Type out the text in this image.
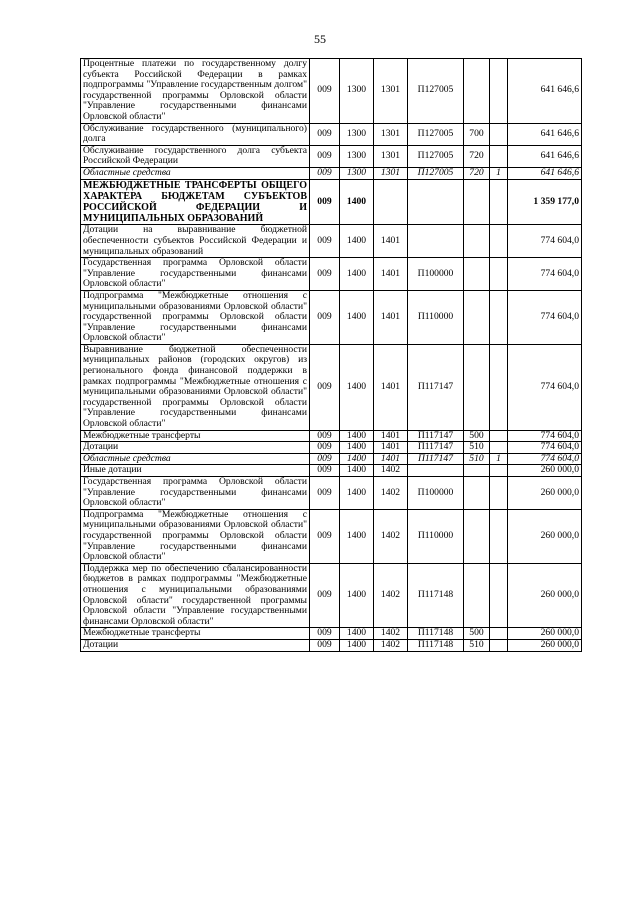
55
Процентные платежи по государственному долгу субъекта Российской Федерации в рамках подпрограммы "Управление государственным долгом" государственной программы Орловской области "Управление государственными финансами Орловской области"	009	1300	1301	П127005			641 646,6
Обслуживание государственного (муниципального) долга	009	1300	1301	П127005	700		641 646,6
Обслуживание государственного долга субъекта Российской Федерации	009	1300	1301	П127005	720		641 646,6
Областные средства	009	1300	1301	П127005	720	1	641 646,6
МЕЖБЮДЖЕТНЫЕ ТРАНСФЕРТЫ ОБЩЕГО ХАРАКТЕРА БЮДЖЕТАМ СУБЪЕКТОВ РОССИЙСКОЙ ФЕДЕРАЦИИ И МУНИЦИПАЛЬНЫХ ОБРАЗОВАНИЙ	009	1400					1 359 177,0
Дотации на выравнивание бюджетной обеспеченности субъектов Российской Федерации и муниципальных образований	009	1400	1401				774 604,0
Государственная программа Орловской области "Управление государственными финансами Орловской области"	009	1400	1401	П100000			774 604,0
Подпрограмма "Межбюджетные отношения с муниципальными образованиями Орловской области" государственной программы Орловской области "Управление государственными финансами Орловской области"	009	1400	1401	П110000			774 604,0
Выравнивание бюджетной обеспеченности муниципальных районов (городских округов) из регионального фонда финансовой поддержки в рамках подпрограммы "Межбюджетные отношения с муниципальными образованиями Орловской области" государственной программы Орловской области "Управление государственными финансами Орловской области"	009	1400	1401	П117147			774 604,0
Межбюджетные трансферты	009	1400	1401	П117147	500		774 604,0
Дотации	009	1400	1401	П117147	510		774 604,0
Областные средства	009	1400	1401	П117147	510	1	774 604,0
Иные дотации	009	1400	1402				260 000,0
Государственная программа Орловской области "Управление государственными финансами Орловской области"	009	1400	1402	П100000			260 000,0
Подпрограмма "Межбюджетные отношения с муниципальными образованиями Орловской области" государственной программы Орловской области "Управление государственными финансами Орловской области"	009	1400	1402	П110000			260 000,0
Поддержка мер по обеспечению сбалансированности бюджетов в рамках подпрограммы "Межбюджетные отношения с муниципальными образованиями Орловской области" государственной программы Орловской области "Управление государственными финансами Орловской области"	009	1400	1402	П117148			260 000,0
Межбюджетные трансферты	009	1400	1402	П117148	500		260 000,0
Дотации	009	1400	1402	П117148	510		260 000,0
